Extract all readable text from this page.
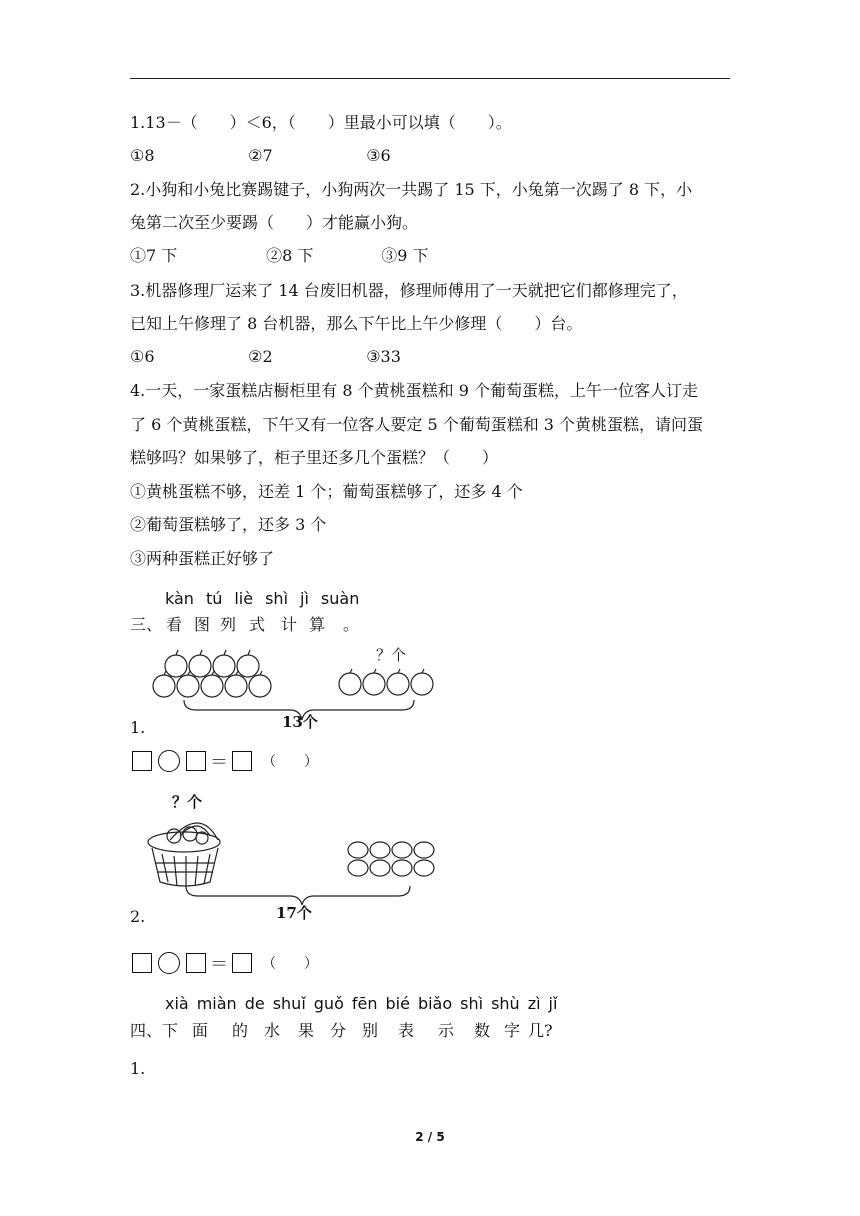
1.13－（　　）＜6，（　　）里最小可以填（　　）。
①8	②7	③6
2.小狗和小兔比赛踢键子，小狗两次一共踢了 15 下，小兔第一次踢了 8 下，小
兔第二次至少要踢（　　）才能赢小狗。
①7 下	②8 下	③9 下
3.机器修理厂运来了 14 台废旧机器，修理师傅用了一天就把它们都修理完了，
已知上午修理了 8 台机器，那么下午比上午少修理（　　）台。
①6	②2	③33
4.一天，一家蛋糕店橱柜里有 8 个黄桃蛋糕和 9 个葡萄蛋糕，上午一位客人订走
了 6 个黄桃蛋糕，下午又有一位客人要定 5 个葡萄蛋糕和 3 个黄桃蛋糕，请问蛋
糕够吗？如果够了，柜子里还多几个蛋糕？（　　）
①黄桃蛋糕不够，还差 1 个；葡萄蛋糕够了，还多 4 个
②葡萄蛋糕够了，还多 3 个
③两种蛋糕正好够了
kàn tú liè shì jì suàn
三、 看 图 列 式 计 算 。
？个
13个
1.
＝ （　　）
？个
17个
2.
＝ （　　）
xià miàn de shuǐ guǒ fēn bié biǎo shì shù zì jǐ
四、下 面 的 水 果 分 别 表 示 数 字 几?
1.
2 / 5
